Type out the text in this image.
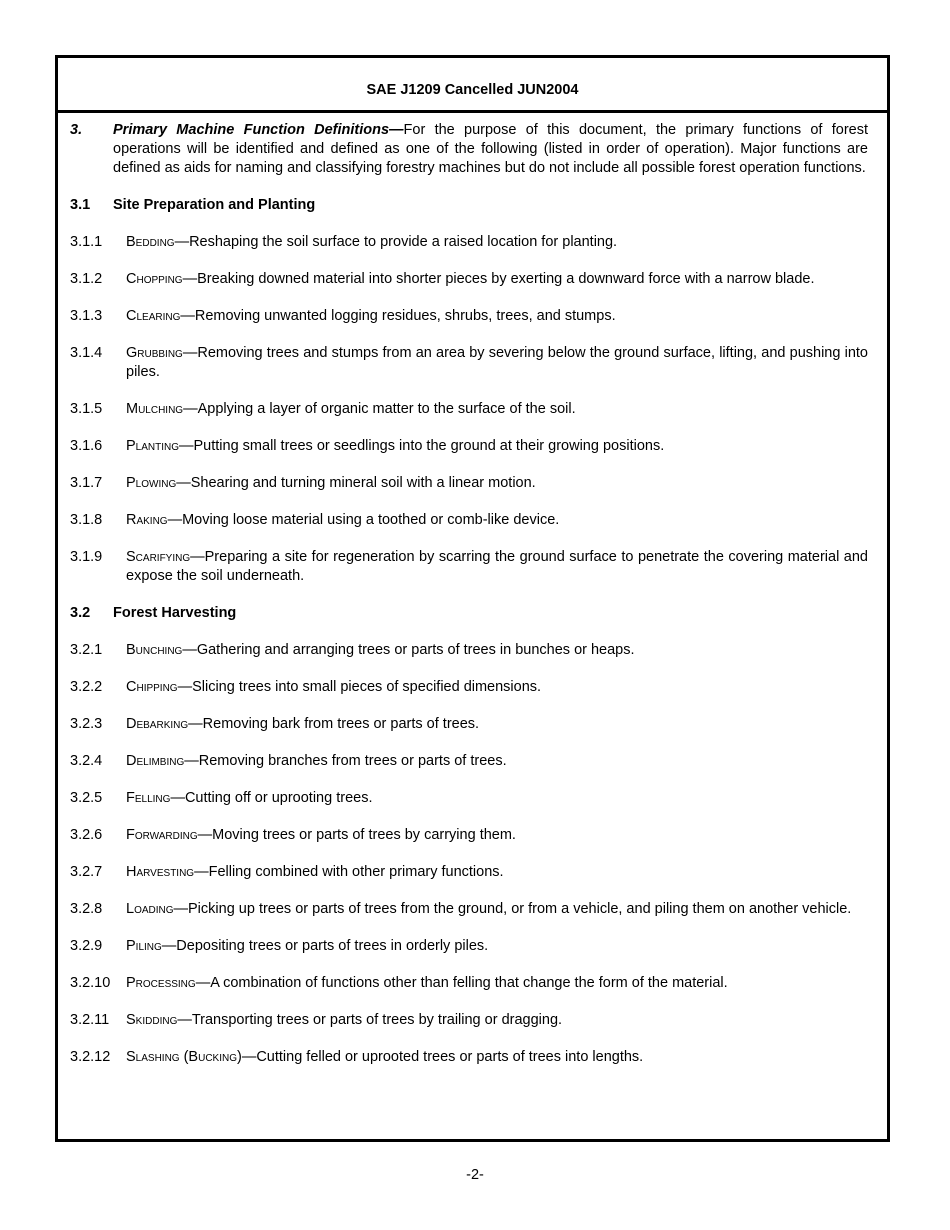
SAE J1209 Cancelled JUN2004
3.	Primary Machine Function Definitions—For the purpose of this document, the primary functions of forest operations will be identified and defined as one of the following (listed in order of operation). Major functions are defined as aids for naming and classifying forestry machines but do not include all possible forest operation functions.
3.1	Site Preparation and Planting
3.1.1	Bedding—Reshaping the soil surface to provide a raised location for planting.
3.1.2	Chopping—Breaking downed material into shorter pieces by exerting a downward force with a narrow blade.
3.1.3	Clearing—Removing unwanted logging residues, shrubs, trees, and stumps.
3.1.4	Grubbing—Removing trees and stumps from an area by severing below the ground surface, lifting, and pushing into piles.
3.1.5	Mulching—Applying a layer of organic matter to the surface of the soil.
3.1.6	Planting—Putting small trees or seedlings into the ground at their growing positions.
3.1.7	Plowing—Shearing and turning mineral soil with a linear motion.
3.1.8	Raking—Moving loose material using a toothed or comb-like device.
3.1.9	Scarifying—Preparing a site for regeneration by scarring the ground surface to penetrate the covering material and expose the soil underneath.
3.2	Forest Harvesting
3.2.1	Bunching—Gathering and arranging trees or parts of trees in bunches or heaps.
3.2.2	Chipping—Slicing trees into small pieces of specified dimensions.
3.2.3	Debarking—Removing bark from trees or parts of trees.
3.2.4	Delimbing—Removing branches from trees or parts of trees.
3.2.5	Felling—Cutting off or uprooting trees.
3.2.6	Forwarding—Moving trees or parts of trees by carrying them.
3.2.7	Harvesting—Felling combined with other primary functions.
3.2.8	Loading—Picking up trees or parts of trees from the ground, or from a vehicle, and piling them on another vehicle.
3.2.9	Piling—Depositing trees or parts of trees in orderly piles.
3.2.10	Processing—A combination of functions other than felling that change the form of the material.
3.2.11	Skidding—Transporting trees or parts of trees by trailing or dragging.
3.2.12	Slashing (Bucking)—Cutting felled or uprooted trees or parts of trees into lengths.
-2-
